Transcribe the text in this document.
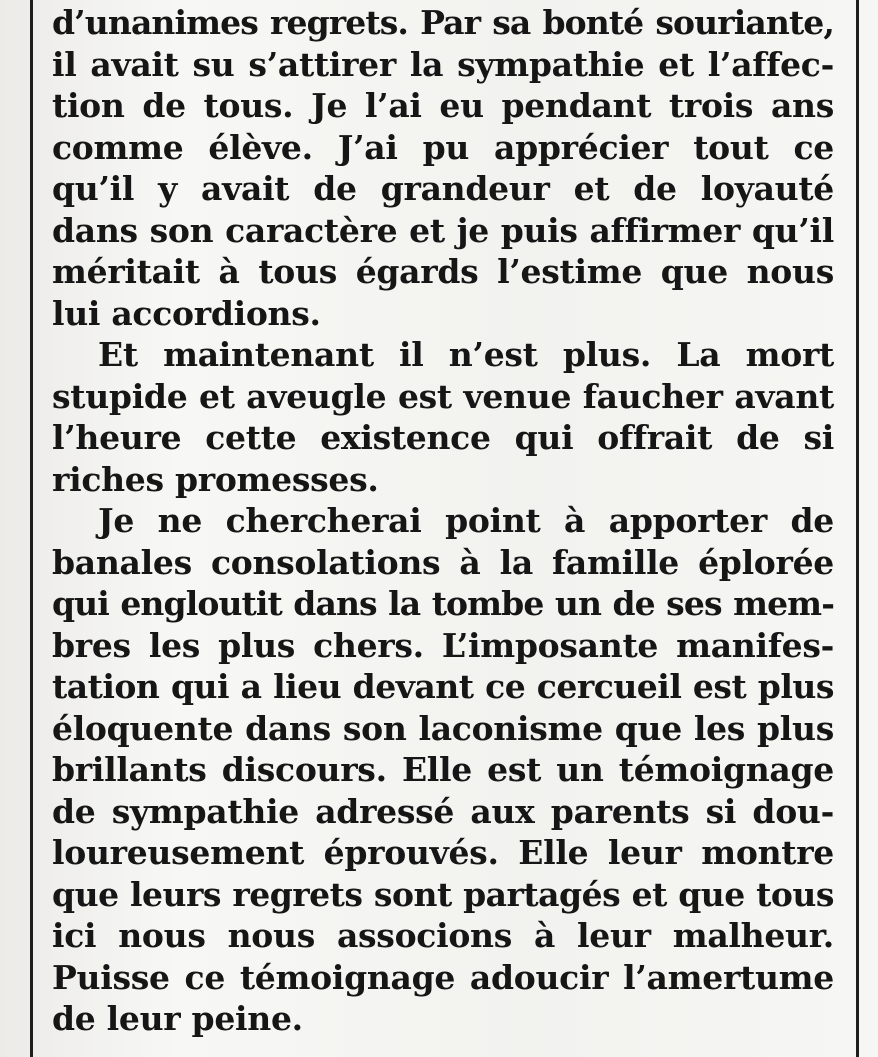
d’unanimes regrets. Par sa bonté souriante,
il avait su s’attirer la sympathie et l’affec-
tion de tous. Je l’ai eu pendant trois ans
comme élève. J’ai pu apprécier tout ce
qu’il y avait de grandeur et de loyauté
dans son caractère et je puis affirmer qu’il
méritait à tous égards l’estime que nous
lui accordions.
Et maintenant il n’est plus. La mort
stupide et aveugle est venue faucher avant
l’heure cette existence qui offrait de si
riches promesses.
Je ne chercherai point à apporter de
banales consolations à la famille éplorée
qui engloutit dans la tombe un de ses mem-
bres les plus chers. L’imposante manifes-
tation qui a lieu devant ce cercueil est plus
éloquente dans son laconisme que les plus
brillants discours. Elle est un témoignage
de sympathie adressé aux parents si dou-
loureusement éprouvés. Elle leur montre
que leurs regrets sont partagés et que tous
ici nous nous associons à leur malheur.
Puisse ce témoignage adoucir l’amertume
de leur peine.
